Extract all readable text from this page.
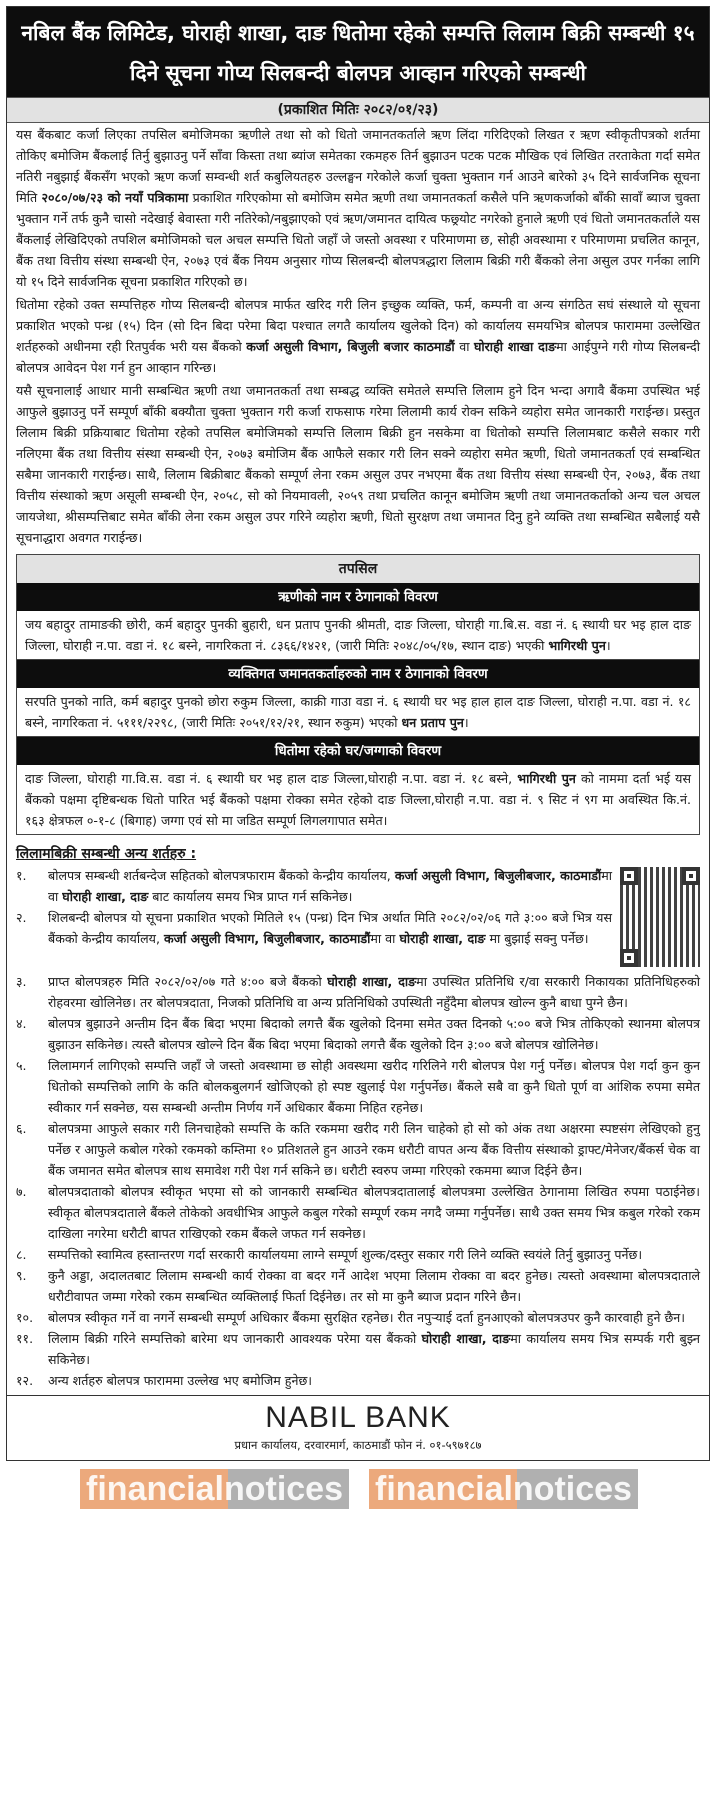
नबिल बैंक लिमिटेड, घोराही शाखा, दाङ धितोमा रहेको सम्पत्ति लिलाम बिक्री सम्बन्धी १५ दिने सूचना गोप्य सिलबन्दी बोलपत्र आव्हान गरिएको सम्बन्धी
(प्रकाशित मितिः २०८२/०१/२३)

यस बैंकबाट कर्जा लिएका तपसिल बमोजिमका ऋणीले तथा सो को धितो जमानतकर्ताले ऋण लिंदा गरिदिएको लिखत र ऋण स्वीकृतीपत्रको शर्तमा तोकिए बमोजिम बैंकलाई तिर्नु बुझाउनु पर्ने साँवा किस्ता तथा ब्यांज समेतका रकमहरु तिर्न बुझाउन पटक पटक मौखिक एवं लिखित तरताकेता गर्दा समेत नतिरी नबुझाई बैंकसँग भएको ऋण कर्जा सम्वन्धी शर्त कबुलियतहरु उल्लङ्घन गरेकोले कर्जा चुक्ता भुक्तान गर्न आउने बारेको ३५ दिने सार्वजनिक सूचना मिति २०८०/०७/२३ को नयाँ पत्रिकामा प्रकाशित गरिएकोमा सो बमोजिम समेत ऋणी तथा जमानतकर्ता कसैले पनि ऋणकर्जाको बाँकी सावाँ ब्याज चुक्ता भुक्तान गर्ने तर्फ कुनै चासो नदेखाई बेवास्ता गरी नतिरेको/नबुझाएको एवं ऋण/जमानत दायित्व फछ्र्योट नगरेको हुनाले ऋणी एवं धितो जमानतकर्ताले यस बैंकलाई लेखिदिएको तपशिल बमोजिमको चल अचल सम्पत्ति धितो जहाँ जे जस्तो अवस्था र परिमाणमा छ, सोही अवस्थामा र परिमाणमा प्रचलित कानून, बैंक तथा वित्तीय संस्था सम्बन्धी ऐन, २०७३ एवं बैंक नियम अनुसार गोप्य सिलबन्दी बोलपत्रद्धारा लिलाम बिक्री गरी बैंकको लेना असुल उपर गर्नका लागि यो १५ दिने सार्वजनिक सूचना प्रकाशित गरिएको छ।

धितोमा रहेको उक्त सम्पत्तिहरु गोप्य सिलबन्दी बोलपत्र मार्फत खरिद गरी लिन इच्छुक व्यक्ति, फर्म, कम्पनी वा अन्य संगठित सघं संस्थाले यो सूचना प्रकाशित भएको पन्ध्र (१५) दिन (सो दिन बिदा परेमा बिदा पश्चात लगतै कार्यालय खुलेको दिन) को कार्यालय समयभित्र बोलपत्र फाराममा उल्लेखित शर्तहरुको अधीनमा रही रितपुर्वक भरी यस बैंकको कर्जा असुली विभाग, बिजुली बजार काठमाडौं वा घोराही शाखा दाङमा आईपुग्ने गरी गोप्य सिलबन्दी बोलपत्र आवेदन पेश गर्न हुन आव्हान गरिन्छ।

यसै सूचनालाई आधार मानी सम्बन्धित ऋणी तथा जमानतकर्ता तथा सम्बद्ध व्यक्ति समेतले सम्पत्ति लिलाम हुने दिन भन्दा अगावै बैंकमा उपस्थित भई आफुले बुझाउनु पर्ने सम्पूर्ण बाँकी बक्यौता चुक्ता भुक्तान गरी कर्जा राफसाफ गरेमा लिलामी कार्य रोक्न सकिने व्यहोरा समेत जानकारी गराईन्छ। प्रस्तुत लिलाम बिक्री प्रक्रियाबाट धितोमा रहेको तपसिल बमोजिमको सम्पत्ति लिलाम बिक्री हुन नसकेमा वा धितोको सम्पत्ति लिलामबाट कसैले सकार गरी नलिएमा बैंक तथा वित्तीय संस्था सम्बन्धी ऐन, २०७३ बमोजिम बैंक आफैले सकार गरी लिन सक्ने व्यहोरा समेत ऋणी, धितो जमानतकर्ता एवं सम्बन्धित सबैमा जानकारी गराईन्छ। साथै, लिलाम बिक्रीबाट बैंकको सम्पूर्ण लेना रकम असुल उपर नभएमा बैंक तथा वित्तीय संस्था सम्बन्धी ऐन, २०७३, बैंक तथा वित्तीय संस्थाको ऋण असूली सम्बन्धी ऐन, २०५८, सो को नियमावली, २०५९ तथा प्रचलित कानून बमोजिम ऋणी तथा जमानतकर्ताको अन्य चल अचल जायजेथा, श्रीसम्पत्तिबाट समेत बाँकी लेना रकम असुल उपर गरिने व्यहोरा ऋणी, धितो सुरक्षण तथा जमानत दिनु हुने व्यक्ति तथा सम्बन्धित सबैलाई यसै सूचनाद्धारा अवगत गराईन्छ।

तपसिल
ऋणीको नाम र ठेगानाको विवरण
जय बहादुर तामाङकी छोरी, कर्म बहादुर पुनकी बुहारी, धन प्रताप पुनकी श्रीमती, दाङ जिल्ला, घोराही गा.बि.स. वडा नं. ६ स्थायी घर भइ हाल दाङ जिल्ला, घोराही न.पा. वडा नं. १८ बस्ने, नागरिकता नं. ८३६६/१४२१, (जारी मितिः २०४८/०५/१७, स्थान दाङ) भएकी भागिरथी पुन।
व्यक्तिगत जमानतकर्ताहरुको नाम र ठेगानाको विवरण
सरपति पुनको नाति, कर्म बहादुर पुनको छोरा रुकुम जिल्ला, काक्री गाउा वडा नं. ६ स्थायी घर भइ हाल हाल दाङ जिल्ला, घोराही न.पा. वडा नं. १८ बस्ने, नागरिकता नं. ५१११/२२९८, (जारी मितिः २०५१/१२/२१, स्थान रुकुम) भएको धन प्रताप पुन।
धितोमा रहेको घर/जग्गाको विवरण
दाङ जिल्ला, घोराही गा.वि.स. वडा नं. ६ स्थायी घर भइ हाल दाङ जिल्ला,घोराही न.पा. वडा नं. १८ बस्ने, भागिरथी पुन को नाममा दर्ता भई यस बैंकको पक्षमा दृष्टिबन्धक धितो पारित भई बैंकको पक्षमा रोक्का समेत रहेको दाङ जिल्ला,घोराही न.पा. वडा नं. ९ सिट नं ९ग मा अवस्थित कि.नं. १६३ क्षेत्रफल ०-१-८ (बिगाह) जग्गा एवं सो मा जडित सम्पूर्ण लिगलगापात समेत।
लिलामबिक्री सम्बन्धी अन्य शर्तहरु :
१.	बोलपत्र सम्बन्धी शर्तबन्देज सहितको बोलपत्रफाराम बैंकको केन्द्रीय कार्यालय, कर्जा असुली विभाग, बिजुलीबजार, काठमाडौंमा वा घोराही शाखा, दाङ बाट कार्यालय समय भित्र प्राप्त गर्न सकिनेछ।
२.	शिलबन्दी बोलपत्र यो सूचना प्रकाशित भएको मितिले १५ (पन्ध्र) दिन भित्र अर्थात मिति २०८२/०२/०६ गते ३:०० बजे भित्र यस बैंकको केन्द्रीय कार्यालय, कर्जा असुली विभाग, बिजुलीबजार, काठमाडौंमा वा घोराही शाखा, दाङ मा बुझाई सक्नु पर्नेछ।
३.	प्राप्त बोलपत्रहरु मिति २०८२/०२/०७ गते ४:०० बजे बैंकको घोराही शाखा, दाङमा उपस्थित प्रतिनिधि र/वा सरकारी निकायका प्रतिनिधिहरुको रोहवरमा खोलिनेछ। तर बोलपत्रदाता, निजको प्रतिनिधि वा अन्य प्रतिनिधिको उपस्थिती नहुँदैमा बोलपत्र खोल्न कुनै बाधा पुग्ने छैन।
४.	बोलपत्र बुझाउने अन्तीम दिन बैंक बिदा भएमा बिदाको लगत्तै बैंक खुलेको दिनमा समेत उक्त दिनको ५:०० बजे भित्र तोकिएको स्थानमा बोलपत्र बुझाउन सकिनेछ। त्यस्तै बोलपत्र खोल्ने दिन बैंक बिदा भएमा बिदाको लगत्तै बैंक खुलेको दिन ३:०० बजे बोलपत्र खोलिनेछ।
५.	लिलामगर्न लागिएको सम्पत्ति जहाँ जे जस्तो अवस्थामा छ सोही अवस्थमा खरीद गरिलिने गरी बोलपत्र पेश गर्नु पर्नेछ। बोलपत्र पेश गर्दा कुन कुन धितोको सम्पत्तिको लागि के कति बोलकबुलगर्न खोजिएको हो स्पष्ट खुलाई पेश गर्नुपर्नेछ। बैंकले सबै वा कुनै धितो पूर्ण वा आंशिक रुपमा समेत स्वीकार गर्न सक्नेछ, यस सम्बन्धी अन्तीम निर्णय गर्ने अधिकार बैंकमा निहित रहनेछ।
६.	बोलपत्रमा आफुले सकार गरी लिनचाहेको सम्पत्ति के कति रकममा खरीद गरी लिन चाहेको हो सो को अंक तथा अक्षरमा स्पष्टसंग लेखिएको हुनु पर्नेछ र आफुले कबोल गरेको रकमको कम्तिमा १० प्रतिशतले हुन आउने रकम धरौटी वापत अन्य बैंक वित्तीय संस्थाको ड्राफ्ट/मेनेजर/बैंकर्स चेक वा बैंक जमानत समेत बोलपत्र साथ समावेश गरी पेश गर्न सकिने छ। धरौटी स्वरुप जम्मा गरिएको रकममा ब्याज दिईने छैन।
७.	बोलपत्रदाताको बोलपत्र स्वीकृत भएमा सो को जानकारी सम्बन्धित बोलपत्रदातालाई बोलपत्रमा उल्लेखित ठेगानामा लिखित रुपमा पठाईनेछ। स्वीकृत बोलपत्रदाताले बैंकले तोकेको अवधीभित्र आफुले कबुल गरेको सम्पूर्ण रकम नगदै जम्मा गर्नुपर्नेछ। साथै उक्त समय भित्र कबुल गरेको रकम दाखिला नगरेमा धरौटी बापत राखिएको रकम बैंकले जफत गर्न सक्नेछ।
८.	सम्पत्तिको स्वामित्व हस्तान्तरण गर्दा सरकारी कार्यालयमा लाग्ने सम्पूर्ण शुल्क/दस्तुर सकार गरी लिने व्यक्ति स्वयंले तिर्नु बुझाउनु पर्नेछ।
९.	कुनै अड्डा, अदालतबाट लिलाम सम्बन्धी कार्य रोक्का वा बदर गर्ने आदेश भएमा लिलाम रोक्का वा बदर हुनेछ। त्यस्तो अवस्थामा बोलपत्रदाताले धरौटीवापत जम्मा गरेको रकम सम्बन्धित व्यक्तिलाई फिर्ता दिईनेछ। तर सो मा कुनै ब्याज प्रदान गरिने छैन।
१०.	बोलपत्र स्वीकृत गर्ने वा नगर्ने सम्बन्धी सम्पूर्ण अधिकार बैंकमा सुरक्षित रहनेछ। रीत नपुर्‍याई दर्ता हुनआएको बोलपत्रउपर कुनै कारवाही हुने छैन।
११.	लिलाम बिक्री गरिने सम्पत्तिको बारेमा थप जानकारी आवश्यक परेमा यस बैंकको घोराही शाखा, दाङमा कार्यालय समय भित्र सम्पर्क गरी बुझ्न सकिनेछ।
१२.	अन्य शर्तहरु बोलपत्र फाराममा उल्लेख भए बमोजिम हुनेछ।
NABIL BANK
प्रधान कार्यालय, दरवारमार्ग, काठमाडौं फोन नं. ०१-५९७१८७
financialnotices financialnotices
